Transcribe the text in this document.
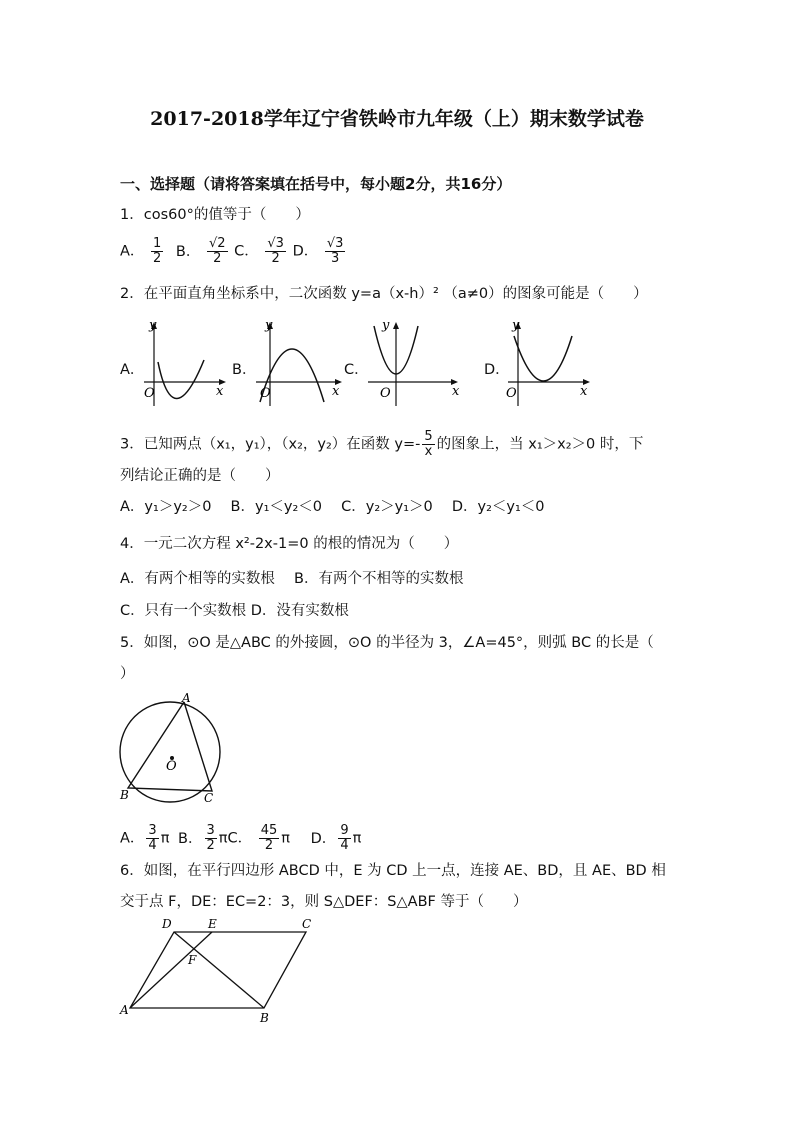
2017-2018学年辽宁省铁岭市九年级（上）期末数学试卷
一、选择题（请将答案填在括号中，每小题2分，共16分）
1．cos60°的值等于（　　）
A． $\frac{1}{2}$ B． $\frac{√2}{2}$ C． $\frac{√3}{2}$ D． $\frac{√3}{3}$
2．在平面直角坐标系中，二次函数 y=a（x-h）² （a≠0）的图象可能是（　　）
A．
y
x
O
B．
y
x
O
C．
y
x
O
D．
y
x
O
3．已知两点（x₁，y₁），（x₂，y₂）在函数 $y=- \frac{5}{x}$ 的图象上，当 x₁＞x₂＞0 时，下
列结论正确的是（　　）
A．y₁＞y₂＞0　 B．y₁＜y₂＜0　 C．y₂＞y₁＞0　 D．y₂＜y₁＜0
4．一元二次方程 x²-2x-1=0 的根的情况为（　　）
A．有两个相等的实数根　 B．有两个不相等的实数根
C．只有一个实数根 D．没有实数根
5．如图，⊙O 是△ABC 的外接圆，⊙O 的半径为 3，∠A=45°，则弧 BC 的长是（
）
A
B	C
O
A． $\frac{3}{4}$ π B． $\frac{3}{2}$ πC． $\frac{45}{2}$ π D． $\frac{9}{4}$ π
6．如图，在平行四边形 ABCD 中，E 为 CD 上一点，连接 AE、BD，且 AE、BD 相
交于点 F，DE：EC=2：3，则 S△DEF：S△ABF 等于（　　）
D	E	C
F
A
B
